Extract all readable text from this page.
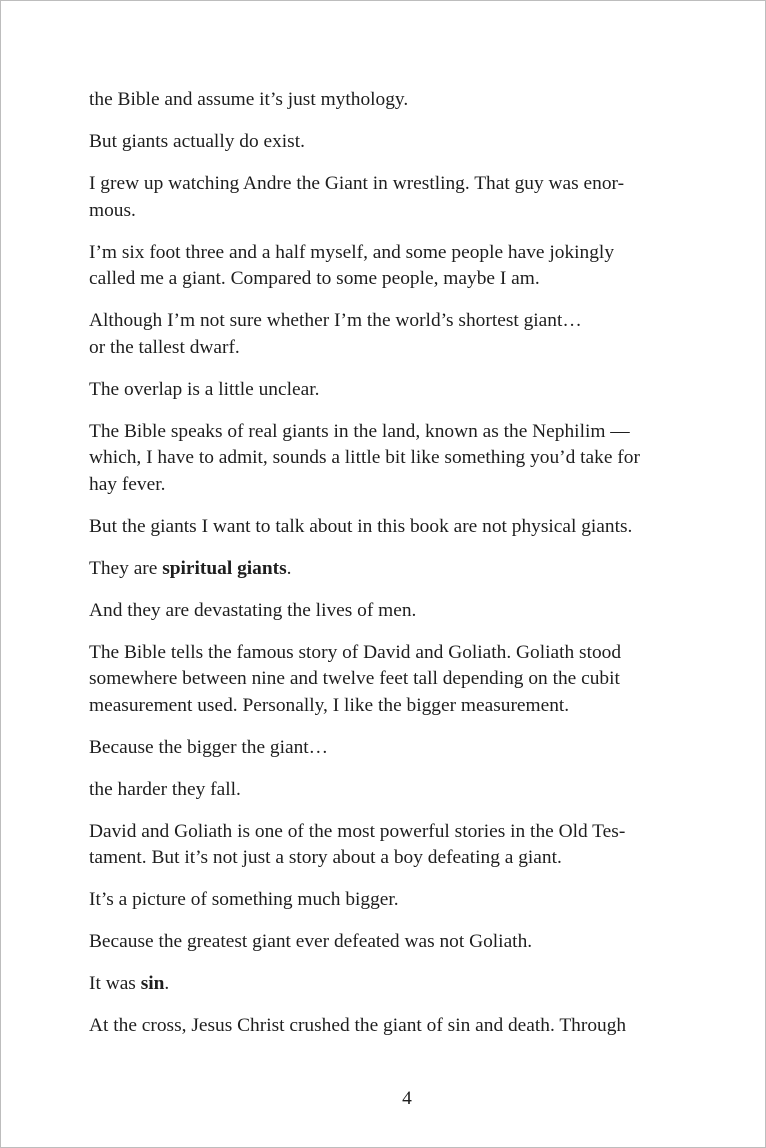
the Bible and assume it’s just mythology.

But giants actually do exist.

I grew up watching Andre the Giant in wrestling. That guy was enor-
mous.

I’m six foot three and a half myself, and some people have jokingly
called me a giant. Compared to some people, maybe I am.

Although I’m not sure whether I’m the world’s shortest giant…
or the tallest dwarf.

The overlap is a little unclear.

The Bible speaks of real giants in the land, known as the Nephilim —
which, I have to admit, sounds a little bit like something you’d take for
hay fever.

But the giants I want to talk about in this book are not physical giants.

They are spiritual giants.

And they are devastating the lives of men.

The Bible tells the famous story of David and Goliath. Goliath stood
somewhere between nine and twelve feet tall depending on the cubit
measurement used. Personally, I like the bigger measurement.

Because the bigger the giant…

the harder they fall.

David and Goliath is one of the most powerful stories in the Old Tes-
tament. But it’s not just a story about a boy defeating a giant.

It’s a picture of something much bigger.

Because the greatest giant ever defeated was not Goliath.

It was sin.

At the cross, Jesus Christ crushed the giant of sin and death. Through

4
